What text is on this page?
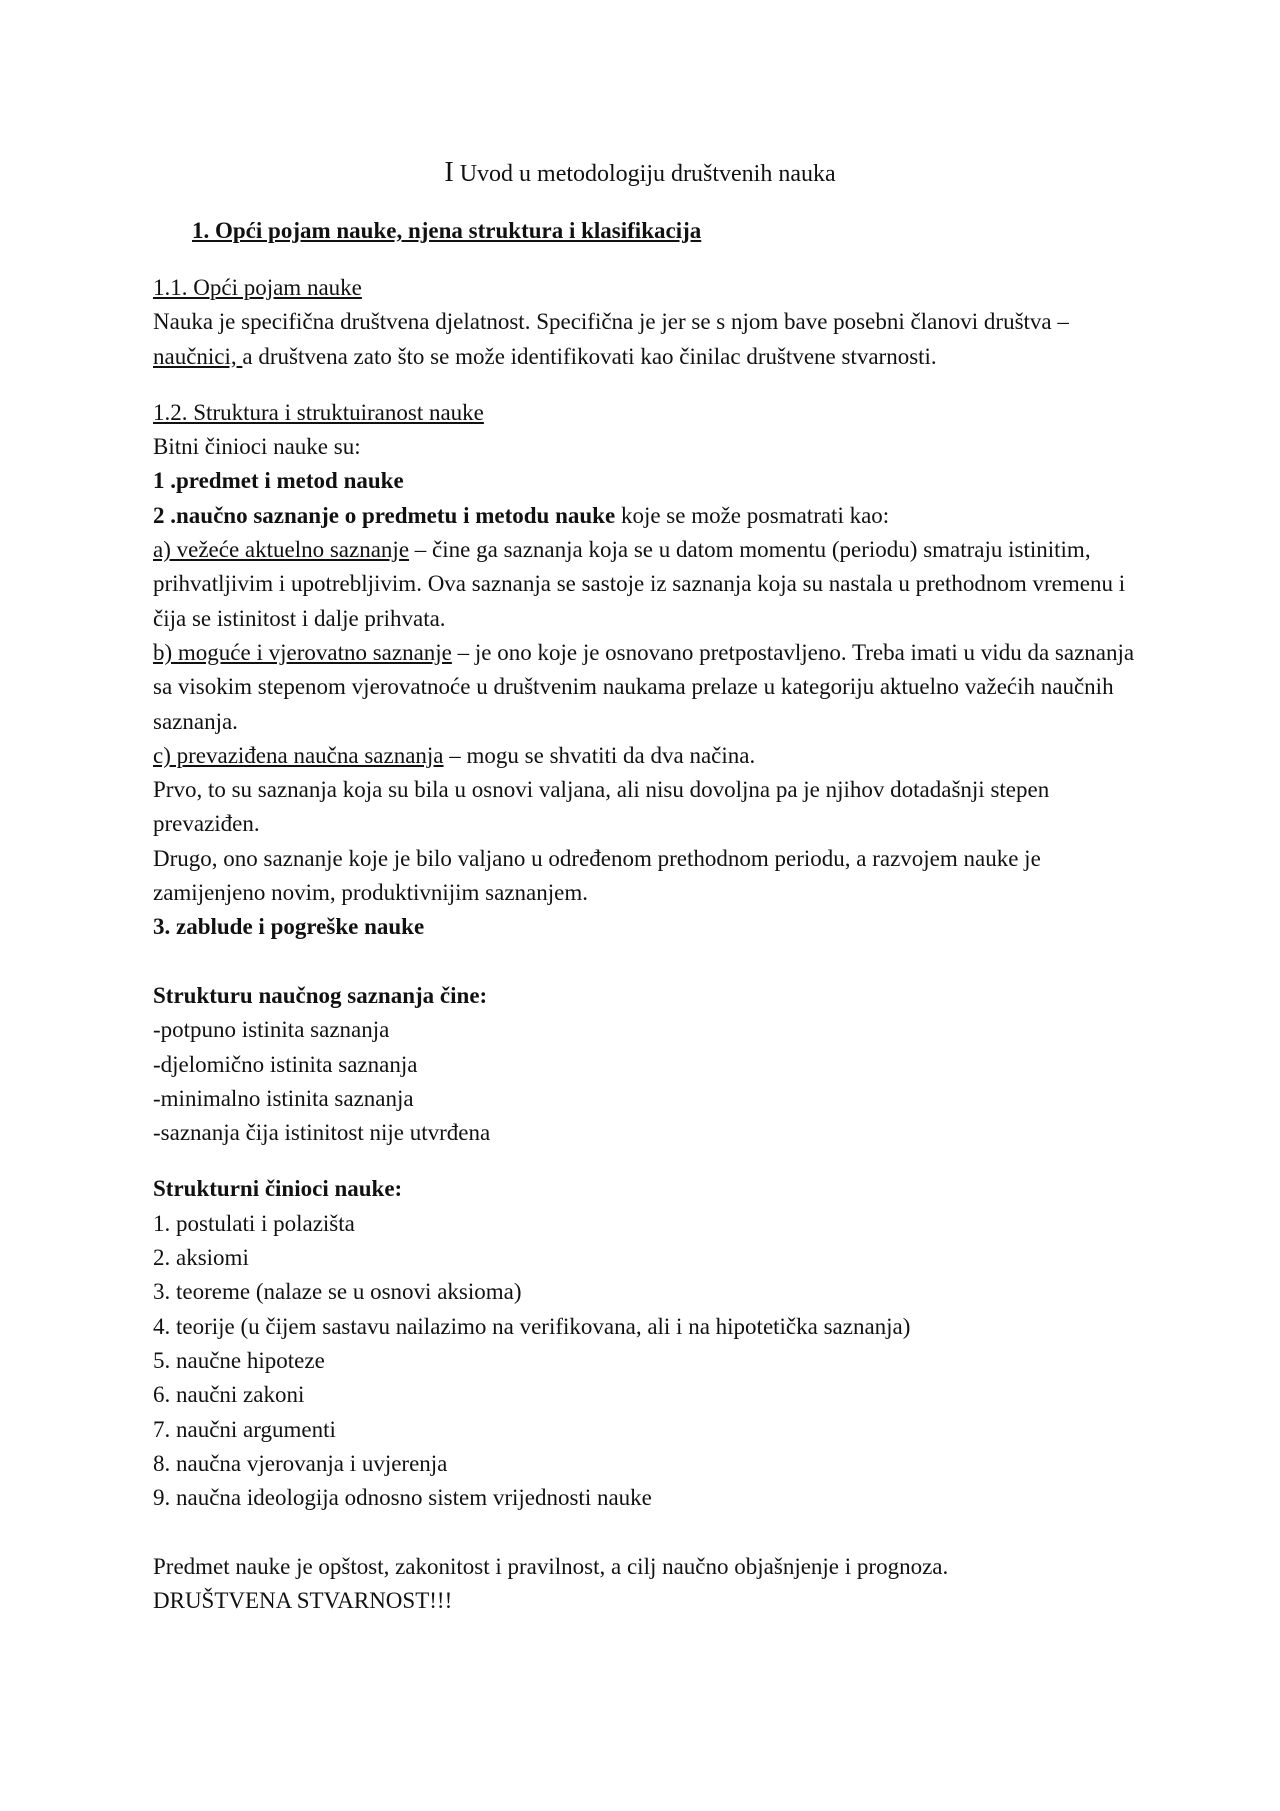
I Uvod u metodologiju društvenih nauka
1. Opći pojam nauke, njena struktura i klasifikacija

1.1. Opći pojam nauke

Nauka je specifična društvena djelatnost. Specifična je jer se s njom bave posebni članovi društva – naučnici, a društvena zato što se može identifikovati kao činilac društvene stvarnosti.

1.2. Struktura i struktuiranost nauke

Bitni činioci nauke su:

1 .predmet i metod nauke

2 .naučno saznanje o predmetu i metodu nauke koje se može posmatrati kao:

a) vežeće aktuelno saznanje – čine ga saznanja koja se u datom momentu (periodu) smatraju istinitim, prihvatljivim i upotrebljivim. Ova saznanja se sastoje iz saznanja koja su nastala u prethodnom vremenu i čija se istinitost i dalje prihvata.

b) moguće i vjerovatno saznanje – je ono koje je osnovano pretpostavljeno. Treba imati u vidu da saznanja sa visokim stepenom vjerovatnoće u društvenim naukama prelaze u kategoriju aktuelno važećih naučnih saznanja.

c) prevaziđena naučna saznanja – mogu se shvatiti da dva načina.

Prvo, to su saznanja koja su bila u osnovi valjana, ali nisu dovoljna pa je njihov dotadašnji stepen prevaziđen.

Drugo, ono saznanje koje je bilo valjano u određenom prethodnom periodu, a razvojem nauke je zamijenjeno novim, produktivnijim saznanjem.

3. zablude i pogreške nauke

Strukturu naučnog saznanja čine:

-potpuno istinita saznanja

-djelomično istinita saznanja

-minimalno istinita saznanja

-saznanja čija istinitost nije utvrđena

Strukturni činioci nauke:

1. postulati i polazišta

2. aksiomi

3. teoreme (nalaze se u osnovi aksioma)

4. teorije (u čijem sastavu nailazimo na verifikovana, ali i na hipotetička saznanja)

5. naučne hipoteze

6. naučni zakoni

7. naučni argumenti

8. naučna vjerovanja i uvjerenja

9. naučna ideologija odnosno sistem vrijednosti nauke

Predmet nauke je opštost, zakonitost i pravilnost, a cilj naučno objašnjenje i prognoza.

DRUŠTVENA STVARNOST!!!
